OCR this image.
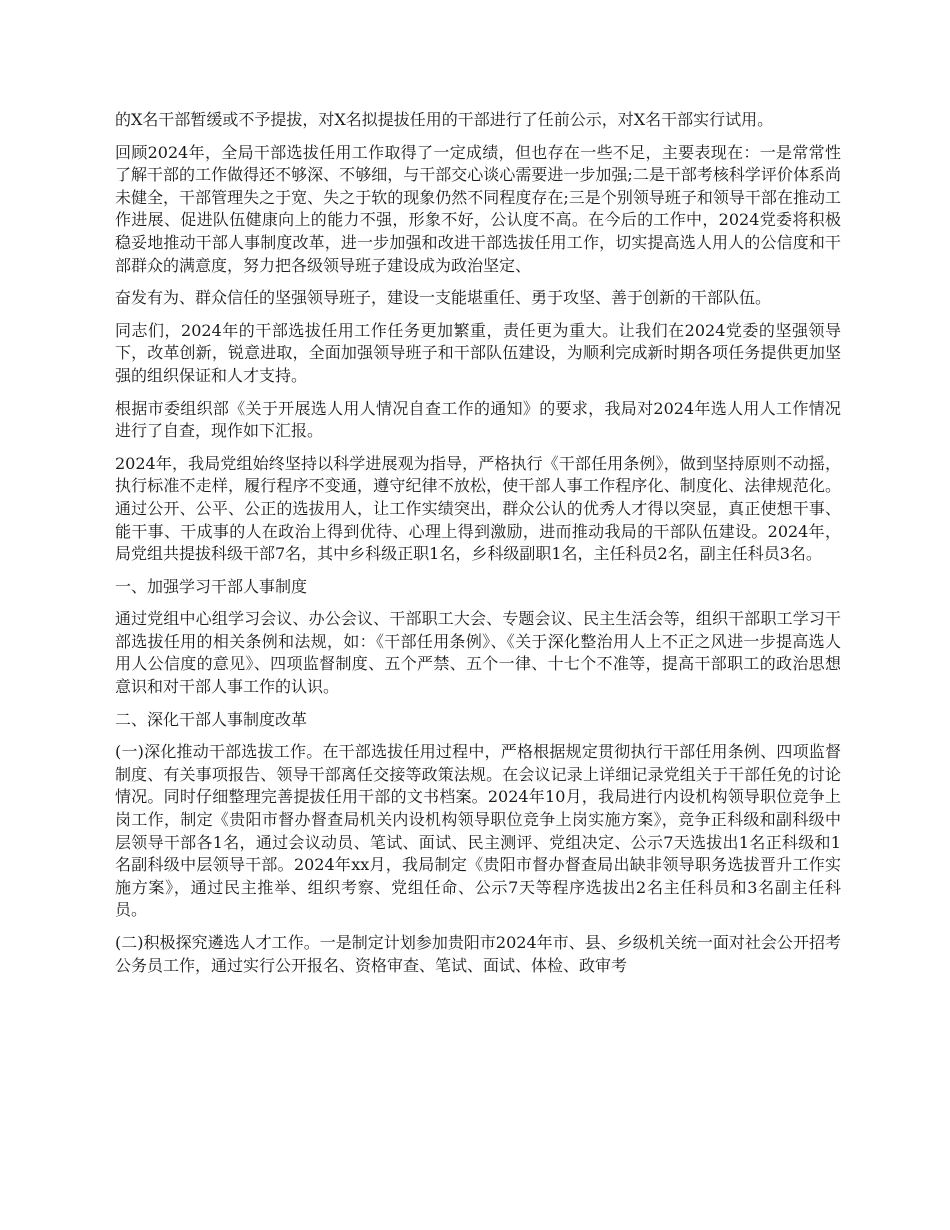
的X名干部暂缓或不予提拔，对X名拟提拔任用的干部进行了任前公示，对X名干部实行试用。

回顾2024年，全局干部选拔任用工作取得了一定成绩，但也存在一些不足，主要表现在：一是常常性了解干部的工作做得还不够深、不够细，与干部交心谈心需要进一步加强;二是干部考核科学评价体系尚未健全，干部管理失之于宽、失之于软的现象仍然不同程度存在;三是个别领导班子和领导干部在推动工作进展、促进队伍健康向上的能力不强，形象不好，公认度不高。在今后的工作中，2024党委将积极稳妥地推动干部人事制度改革，进一步加强和改进干部选拔任用工作，切实提高选人用人的公信度和干部群众的满意度，努力把各级领导班子建设成为政治坚定、

奋发有为、群众信任的坚强领导班子，建设一支能堪重任、勇于攻坚、善于创新的干部队伍。

同志们，2024年的干部选拔任用工作任务更加繁重，责任更为重大。让我们在2024党委的坚强领导下，改革创新，锐意进取，全面加强领导班子和干部队伍建设，为顺利完成新时期各项任务提供更加坚强的组织保证和人才支持。

根据市委组织部《关于开展选人用人情况自查工作的通知》的要求，我局对2024年选人用人工作情况进行了自查，现作如下汇报。

2024年，我局党组始终坚持以科学进展观为指导，严格执行《干部任用条例》，做到坚持原则不动摇，执行标准不走样，履行程序不变通，遵守纪律不放松，使干部人事工作程序化、制度化、法律规范化。通过公开、公平、公正的选拔用人，让工作实绩突出，群众公认的优秀人才得以突显，真正使想干事、能干事、干成事的人在政治上得到优待、心理上得到激励，进而推动我局的干部队伍建设。2024年，局党组共提拔科级干部7名，其中乡科级正职1名，乡科级副职1名，主任科员2名，副主任科员3名。

一、加强学习干部人事制度

通过党组中心组学习会议、办公会议、干部职工大会、专题会议、民主生活会等，组织干部职工学习干部选拔任用的相关条例和法规，如：《干部任用条例》、《关于深化整治用人上不正之风进一步提高选人用人公信度的意见》、四项监督制度、五个严禁、五个一律、十七个不准等，提高干部职工的政治思想意识和对干部人事工作的认识。

二、深化干部人事制度改革

(一)深化推动干部选拔工作。在干部选拔任用过程中，严格根据规定贯彻执行干部任用条例、四项监督制度、有关事项报告、领导干部离任交接等政策法规。在会议记录上详细记录党组关于干部任免的讨论情况。同时仔细整理完善提拔任用干部的文书档案。2024年10月，我局进行内设机构领导职位竞争上岗工作，制定《贵阳市督办督查局机关内设机构领导职位竞争上岗实施方案》，竞争正科级和副科级中层领导干部各1名，通过会议动员、笔试、面试、民主测评、党组决定、公示7天选拔出1名正科级和1名副科级中层领导干部。2024年xx月，我局制定《贵阳市督办督查局出缺非领导职务选拔晋升工作实施方案》，通过民主推举、组织考察、党组任命、公示7天等程序选拔出2名主任科员和3名副主任科员。

(二)积极探究遴选人才工作。一是制定计划参加贵阳市2024年市、县、乡级机关统一面对社会公开招考公务员工作，通过实行公开报名、资格审查、笔试、面试、体检、政审考
